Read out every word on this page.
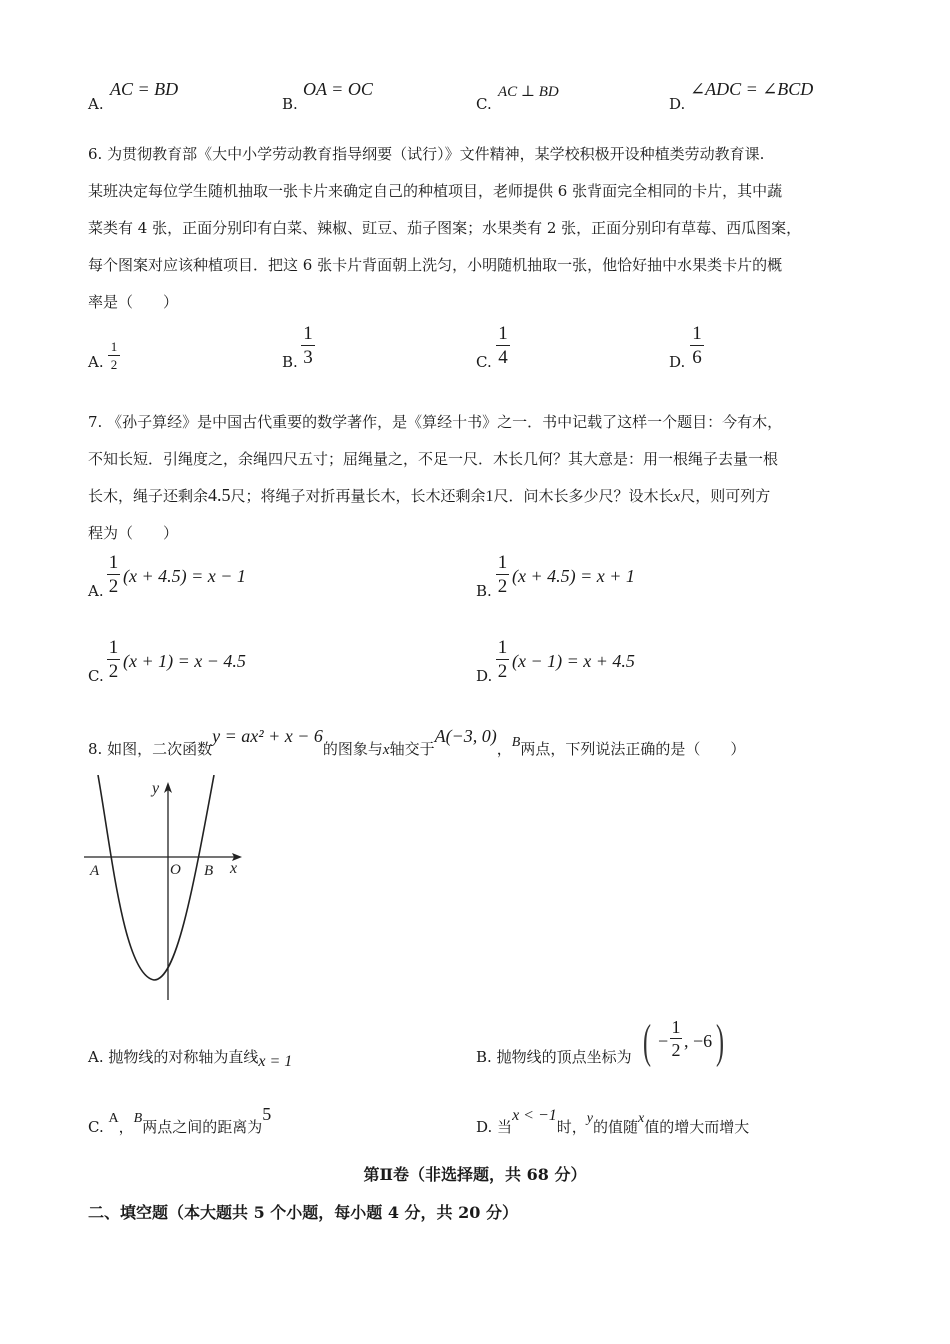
A.
AC = BD
B.
OA = OC
C.
AC ⊥ BD
D.
∠ADC = ∠BCD
6. 为贯彻教育部《大中小学劳动教育指导纲要（试行）》文件精神，某学校积极开设种植类劳动教育课.
某班决定每位学生随机抽取一张卡片来确定自己的种植项目，老师提供 6 张背面完全相同的卡片，其中蔬
菜类有 4 张，正面分别印有白菜、辣椒、豇豆、茄子图案；水果类有 2 张，正面分别印有草莓、西瓜图案，
每个图案对应该种植项目．把这 6 张卡片背面朝上洗匀，小明随机抽取一张，他恰好抽中水果类卡片的概
率是（　　）
A.
1
2	B.
1
3	C.
1
4	D.
1
6
7. 《孙子算经》是中国古代重要的数学著作，是《算经十书》之一．书中记载了这样一个题目：今有木，
不知长短．引绳度之，余绳四尺五寸；屈绳量之，不足一尺．木长几何？其大意是：用一根绳子去量一根
长木，绳子还剩余4.5尺；将绳子对折再量长木，长木还剩余1尺．问木长多少尺？设木长x尺，则可列方
程为（　　）
A.
1
2 (x + 4.5) = x − 1
B.
1
2 (x + 4.5) = x + 1
C.
1
2 (x + 1) = x − 4.5
D.
1
2 (x − 1) = x + 4.5
8. 如图，二次函数y = ax² + x − 6的图象与x轴交于A(−3, 0)，B两点，下列说法正确的是（　　）
y
x
A	O B
A. 抛物线的对称轴为直线x = 1	B. 抛物线的顶点坐标为 ( −
1
2 , −6 )
C. A，B两点之间的距离为5
D. 当x < −1时，y的值随x值的增大而增大
第Ⅱ卷（非选择题，共 68 分）
二、填空题（本大题共 5 个小题，每小题 4 分，共 20 分）
